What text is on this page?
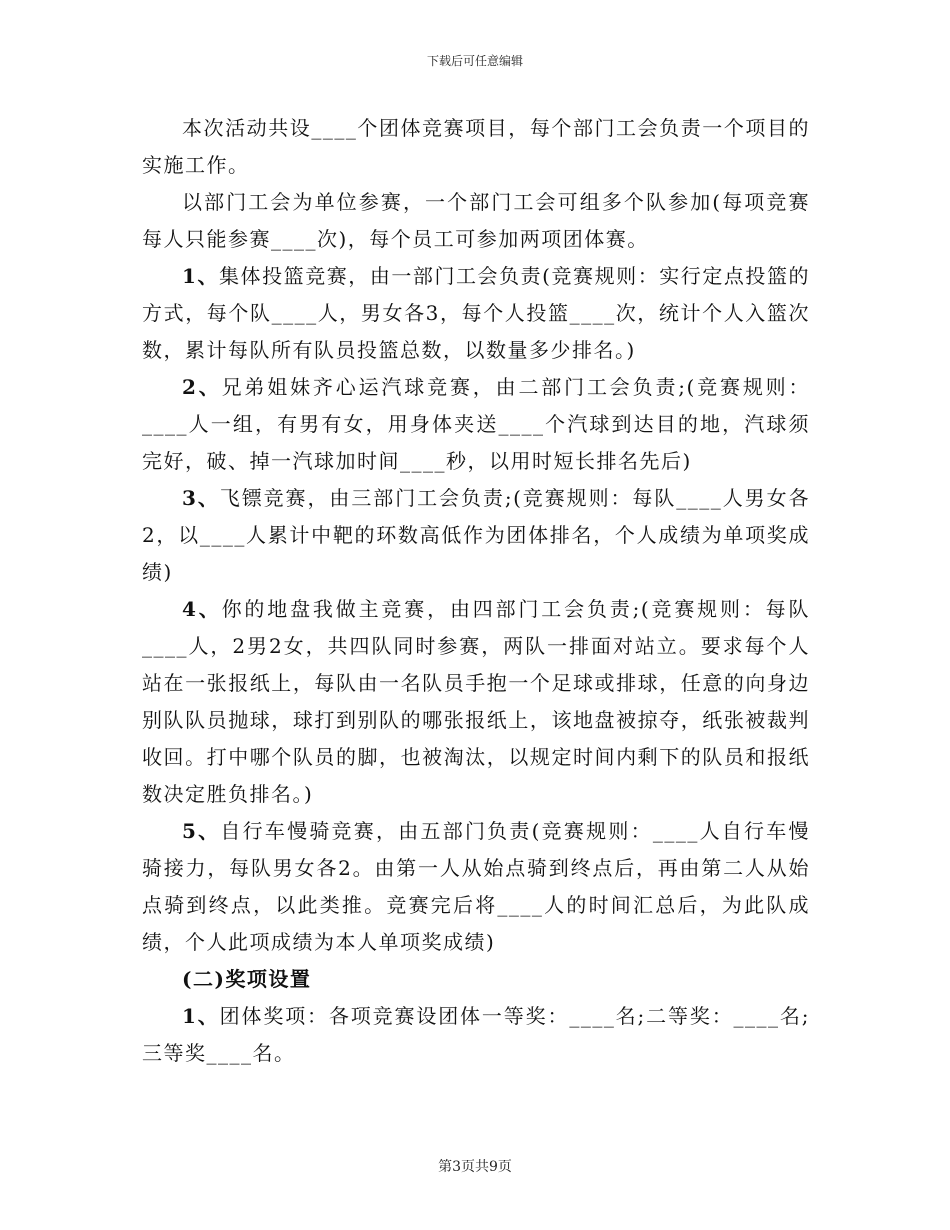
下载后可任意编辑

本次活动共设____个团体竞赛项目，每个部门工会负责一个项目的实施工作。

以部门工会为单位参赛，一个部门工会可组多个队参加(每项竞赛每人只能参赛____次)，每个员工可参加两项团体赛。

1、集体投篮竞赛，由一部门工会负责(竞赛规则：实行定点投篮的方式，每个队____人，男女各3，每个人投篮____次，统计个人入篮次数，累计每队所有队员投篮总数，以数量多少排名。)

2、兄弟姐妹齐心运汽球竞赛，由二部门工会负责;(竞赛规则：____人一组，有男有女，用身体夹送____个汽球到达目的地，汽球须完好，破、掉一汽球加时间____秒，以用时短长排名先后)

3、飞镖竞赛，由三部门工会负责;(竞赛规则：每队____人男女各2，以____人累计中靶的环数高低作为团体排名，个人成绩为单项奖成绩)

4、你的地盘我做主竞赛，由四部门工会负责;(竞赛规则：每队____人，2男2女，共四队同时参赛，两队一排面对站立。要求每个人站在一张报纸上，每队由一名队员手抱一个足球或排球，任意的向身边别队队员抛球，球打到别队的哪张报纸上，该地盘被掠夺，纸张被裁判收回。打中哪个队员的脚，也被淘汰，以规定时间内剩下的队员和报纸数决定胜负排名。)

5、自行车慢骑竞赛，由五部门负责(竞赛规则：____人自行车慢骑接力，每队男女各2。由第一人从始点骑到终点后，再由第二人从始点骑到终点，以此类推。竞赛完后将____人的时间汇总后，为此队成绩，个人此项成绩为本人单项奖成绩)

(二)奖项设置

1、团体奖项：各项竞赛设团体一等奖：____名;二等奖：____名;三等奖____名。

第3页共9页
